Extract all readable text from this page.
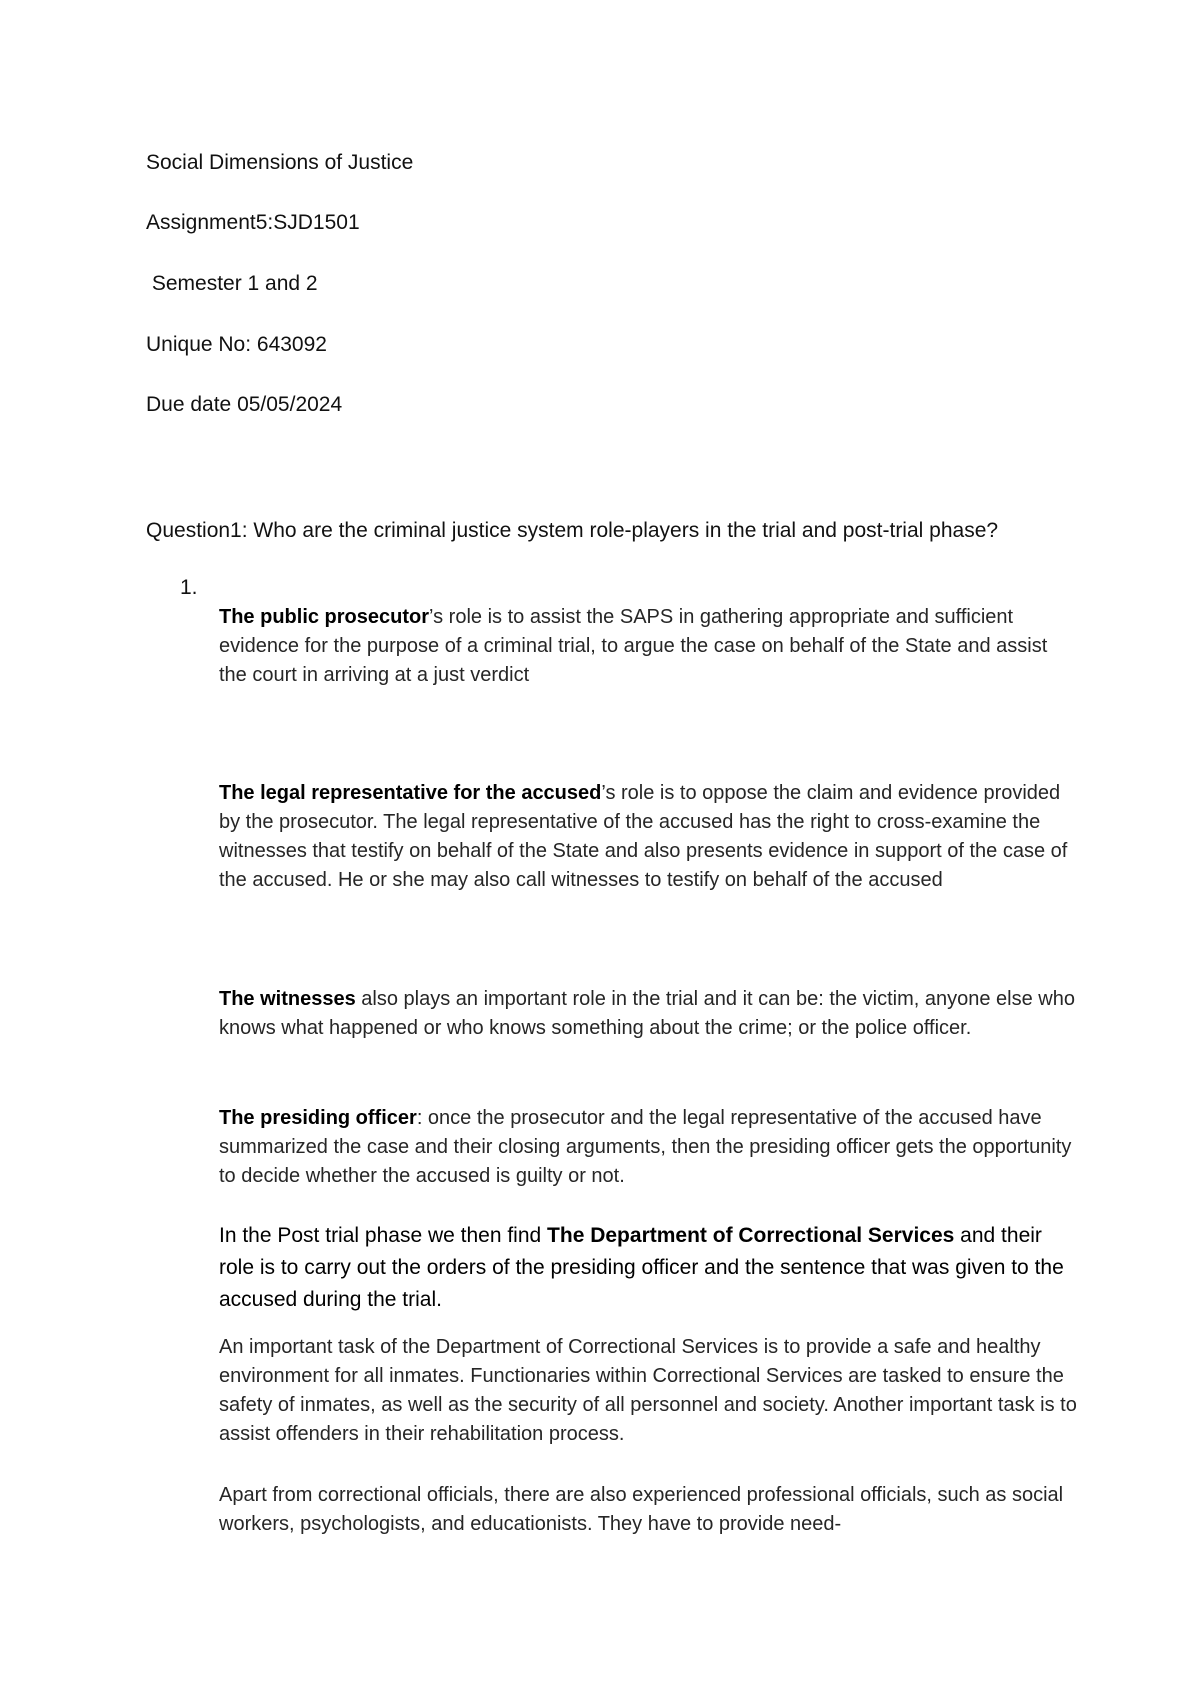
Social Dimensions of Justice

Assignment5:SJD1501

Semester 1 and 2

Unique No: 643092

Due date 05/05/2024

Question1: Who are the criminal justice system role-players in the trial and post-trial phase?

1.

The public prosecutor’s role is to assist the SAPS in gathering appropriate and sufficient evidence for the purpose of a criminal trial, to argue the case on behalf of the State and assist the court in arriving at a just verdict

The legal representative for the accused’s role is to oppose the claim and evidence provided by the prosecutor. The legal representative of the accused has the right to cross-examine the witnesses that testify on behalf of the State and also presents evidence in support of the case of the accused. He or she may also call witnesses to testify on behalf of the accused

The witnesses also plays an important role in the trial and it can be: the victim, anyone else who knows what happened or who knows something about the crime; or the police officer.

The presiding officer: once the prosecutor and the legal representative of the accused have summarized the case and their closing arguments, then the presiding officer gets the opportunity to decide whether the accused is guilty or not.

In the Post trial phase we then find The Department of Correctional Services and their role is to carry out the orders of the presiding officer and the sentence that was given to the accused during the trial.

An important task of the Department of Correctional Services is to provide a safe and healthy environment for all inmates. Functionaries within Correctional Services are tasked to ensure the safety of inmates, as well as the security of all personnel and society. Another important task is to assist offenders in their rehabilitation process.

Apart from correctional officials, there are also experienced professional officials, such as social workers, psychologists, and educationists. They have to provide need-
